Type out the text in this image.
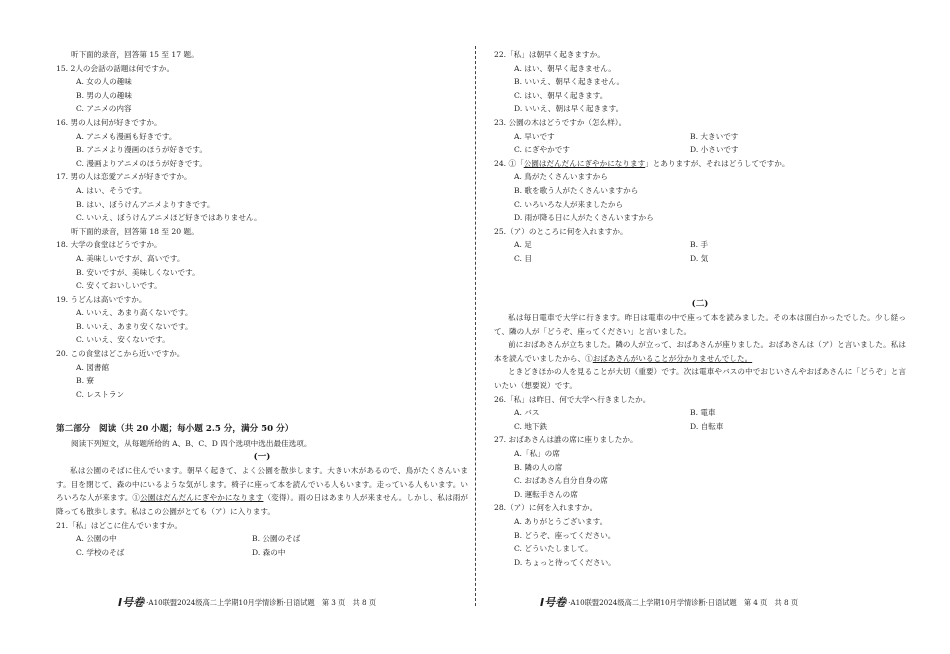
听下面的录音，回答第 15 至 17 题。
15. 2人の会話の話題は何ですか。
A. 女の人の趣味
B. 男の人の趣味
C. アニメの内容
16. 男の人は何が好きですか。
A. アニメも漫画も好きです。
B. アニメより漫画のほうが好きです。
C. 漫画よりアニメのほうが好きです。
17. 男の人は恋愛アニメが好きですか。
A. はい、そうです。
B. はい、ぼうけんアニメよりすきです。
C. いいえ、ぼうけんアニメほど好きではありません。
听下面的录音，回答第 18 至 20 题。
18. 大学の食堂はどうですか。
A. 美味しいですが、高いです。
B. 安いですが、美味しくないです。
C. 安くておいしいです。
19. うどんは高いですか。
A. いいえ、あまり高くないです。
B. いいえ、あまり安くないです。
C. いいえ、安くないです。
20. この食堂はどこから近いですか。
A. 図書館
B. 寮
C. レストラン
第二部分　阅读（共 20 小题；每小题 2.5 分，满分 50 分）
阅读下列短文，从每题所给的 A、B、C、D 四个选项中选出最佳选项。
(一)
私は公園のそばに住んでいます。朝早く起きて、よく公園を散歩します。大きい木があるので、鳥がたくさんいます。目を閉じて、森の中にいるような気がします。椅子に座って本を読んでいる人もいます。走っている人もいます。いろいろな人が来ます。①公園はだんだんにぎやかになります（変得）。雨の日はあまり人が来ません。しかし、私は雨が降っても散歩します。私はこの公園がとても（ア）に入ります。
21.「私」はどこに住んでいますか。
A. 公園の中	B. 公園のそば
C. 学校のそば	D. 森の中
22.「私」は朝早く起きますか。
A. はい、朝早く起きません。
B. いいえ、朝早く起きません。
C. はい、朝早く起きます。
D. いいえ、朝は早く起きます。
23. 公園の木はどうですか（怎么样）。
A. 早いです	B. 大きいです
C. にぎやかです	D. 小さいです
24. ①「公園はだんだんにぎやかになります」とありますが、それはどうしてですか。
A. 鳥がたくさんいますから
B. 歌を歌う人がたくさんいますから
C. いろいろな人が来ましたから
D. 雨が降る日に人がたくさんいますから
25.（ア）のところに何を入れますか。
A. 足	B. 手
C. 目	D. 気
(二)
私は毎日電車で大学に行きます。昨日は電車の中で座って本を読みました。その本は面白かったでした。少し経って、隣の人が「どうぞ、座ってください」と言いました。
前におばあさんが立ちました。隣の人が立って、おばあさんが座りました。おばあさんは（ア）と言いました。私は本を読んでいましたから、①おばあさんがいることが分かりませんでした。
ときどきほかの人を見ることが大切（重要）です。次は電車やバスの中でおじいさんやおばあさんに「どうぞ」と言いたい（想要说）です。
26.「私」は昨日、何で大学へ行きましたか。
A. バス	B. 電車
C. 地下鉄	D. 自転車
27. おばあさんは誰の席に座りましたか。
A.「私」の席
B. 隣の人の席
C. おばあさん自分自身の席
D. 運転手さんの席
28.（ア）に何を入れますか。
A. ありがとうございます。
B. どうぞ、座ってください。
C. どういたしまして。
D. ちょっと待ってください。
I号卷 ·A10联盟2024级高二上学期10月学情诊断·日语试题　第 3 页　共 8 页	I号卷 ·A10联盟2024级高二上学期10月学情诊断·日语试题　第 4 页　共 8 页
